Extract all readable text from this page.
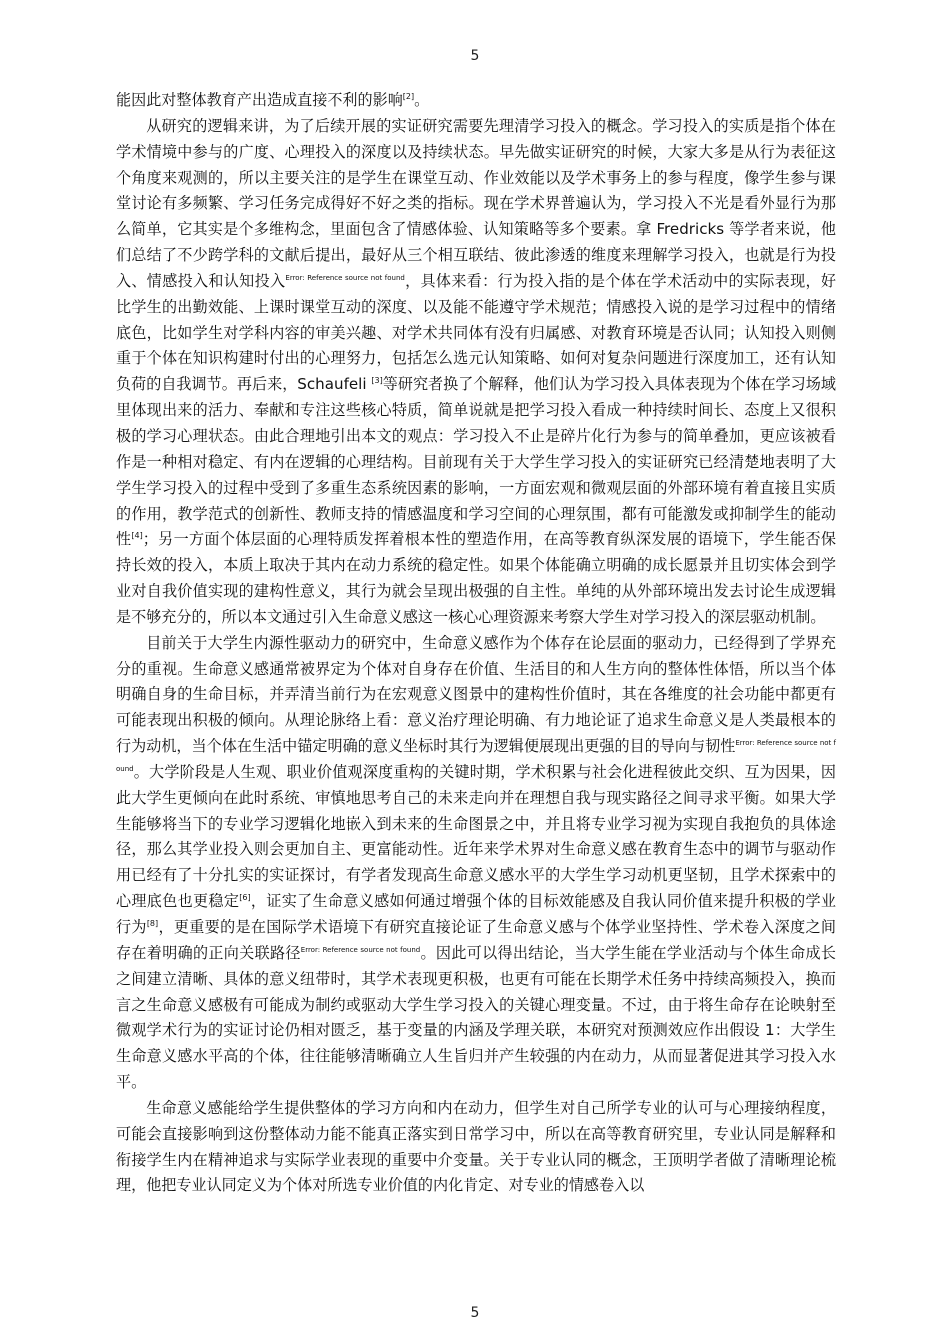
5

能因此对整体教育产出造成直接不利的影响[2]。

从研究的逻辑来讲，为了后续开展的实证研究需要先理清学习投入的概念。学习投入的实质是指个体在学术情境中参与的广度、心理投入的深度以及持续状态。早先做实证研究的时候，大家大多是从行为表征这个角度来观测的，所以主要关注的是学生在课堂互动、作业效能以及学术事务上的参与程度，像学生参与课堂讨论有多频繁、学习任务完成得好不好之类的指标。现在学术界普遍认为，学习投入不光是看外显行为那么简单，它其实是个多维构念，里面包含了情感体验、认知策略等多个要素。拿 Fredricks 等学者来说，他们总结了不少跨学科的文献后提出，最好从三个相互联结、彼此渗透的维度来理解学习投入，也就是行为投入、情感投入和认知投入$^{Error: Reference source not found}$，具体来看：行为投入指的是个体在学术活动中的实际表现，好比学生的出勤效能、上课时课堂互动的深度、以及能不能遵守学术规范；情感投入说的是学习过程中的情绪底色，比如学生对学科内容的审美兴趣、对学术共同体有没有归属感、对教育环境是否认同；认知投入则侧重于个体在知识构建时付出的心理努力，包括怎么选元认知策略、如何对复杂问题进行深度加工，还有认知负荷的自我调节。再后来，Schaufeli [3]等研究者换了个解释，他们认为学习投入具体表现为个体在学习场域里体现出来的活力、奉献和专注这些核心特质，简单说就是把学习投入看成一种持续时间长、态度上又很积极的学习心理状态。由此合理地引出本文的观点：学习投入不止是碎片化行为参与的简单叠加，更应该被看作是一种相对稳定、有内在逻辑的心理结构。目前现有关于大学生学习投入的实证研究已经清楚地表明了大学生学习投入的过程中受到了多重生态系统因素的影响，一方面宏观和微观层面的外部环境有着直接且实质的作用，教学范式的创新性、教师支持的情感温度和学习空间的心理氛围，都有可能激发或抑制学生的能动性[4]；另一方面个体层面的心理特质发挥着根本性的塑造作用，在高等教育纵深发展的语境下，学生能否保持长效的投入，本质上取决于其内在动力系统的稳定性。如果个体能确立明确的成长愿景并且切实体会到学业对自我价值实现的建构性意义，其行为就会呈现出极强的自主性。单纯的从外部环境出发去讨论生成逻辑是不够充分的，所以本文通过引入生命意义感这一核心心理资源来考察大学生对学习投入的深层驱动机制。

目前关于大学生内源性驱动力的研究中，生命意义感作为个体存在论层面的驱动力，已经得到了学界充分的重视。生命意义感通常被界定为个体对自身存在价值、生活目的和人生方向的整体性体悟，所以当个体明确自身的生命目标，并弄清当前行为在宏观意义图景中的建构性价值时，其在各维度的社会功能中都更有可能表现出积极的倾向。从理论脉络上看：意义治疗理论明确、有力地论证了追求生命意义是人类最根本的行为动机，当个体在生活中锚定明确的意义坐标时其行为逻辑便展现出更强的目的导向与韧性$^{Error: Reference source not found}$。大学阶段是人生观、职业价值观深度重构的关键时期，学术积累与社会化进程彼此交织、互为因果，因此大学生更倾向在此时系统、审慎地思考自己的未来走向并在理想自我与现实路径之间寻求平衡。如果大学生能够将当下的专业学习逻辑化地嵌入到未来的生命图景之中，并且将专业学习视为实现自我抱负的具体途径，那么其学业投入则会更加自主、更富能动性。近年来学术界对生命意义感在教育生态中的调节与驱动作用已经有了十分扎实的实证探讨，有学者发现高生命意义感水平的大学生学习动机更坚韧，且学术探索中的心理底色也更稳定[6]，证实了生命意义感如何通过增强个体的目标效能感及自我认同价值来提升积极的学业行为[8]，更重要的是在国际学术语境下有研究直接论证了生命意义感与个体学业坚持性、学术卷入深度之间存在着明确的正向关联路径$^{Error: Reference source not found}$。因此可以得出结论，当大学生能在学业活动与个体生命成长之间建立清晰、具体的意义纽带时，其学术表现更积极，也更有可能在长期学术任务中持续高频投入，换而言之生命意义感极有可能成为制约或驱动大学生学习投入的关键心理变量。不过，由于将生命存在论映射至微观学术行为的实证讨论仍相对匮乏，基于变量的内涵及学理关联，本研究对预测效应作出假设 1：大学生生命意义感水平高的个体，往往能够清晰确立人生旨归并产生较强的内在动力，从而显著促进其学习投入水平。

生命意义感能给学生提供整体的学习方向和内在动力，但学生对自己所学专业的认可与心理接纳程度，可能会直接影响到这份整体动力能不能真正落实到日常学习中，所以在高等教育研究里，专业认同是解释和衔接学生内在精神追求与实际学业表现的重要中介变量。关于专业认同的概念，王顶明学者做了清晰理论梳理，他把专业认同定义为个体对所选专业价值的内化肯定、对专业的情感卷入以

5
